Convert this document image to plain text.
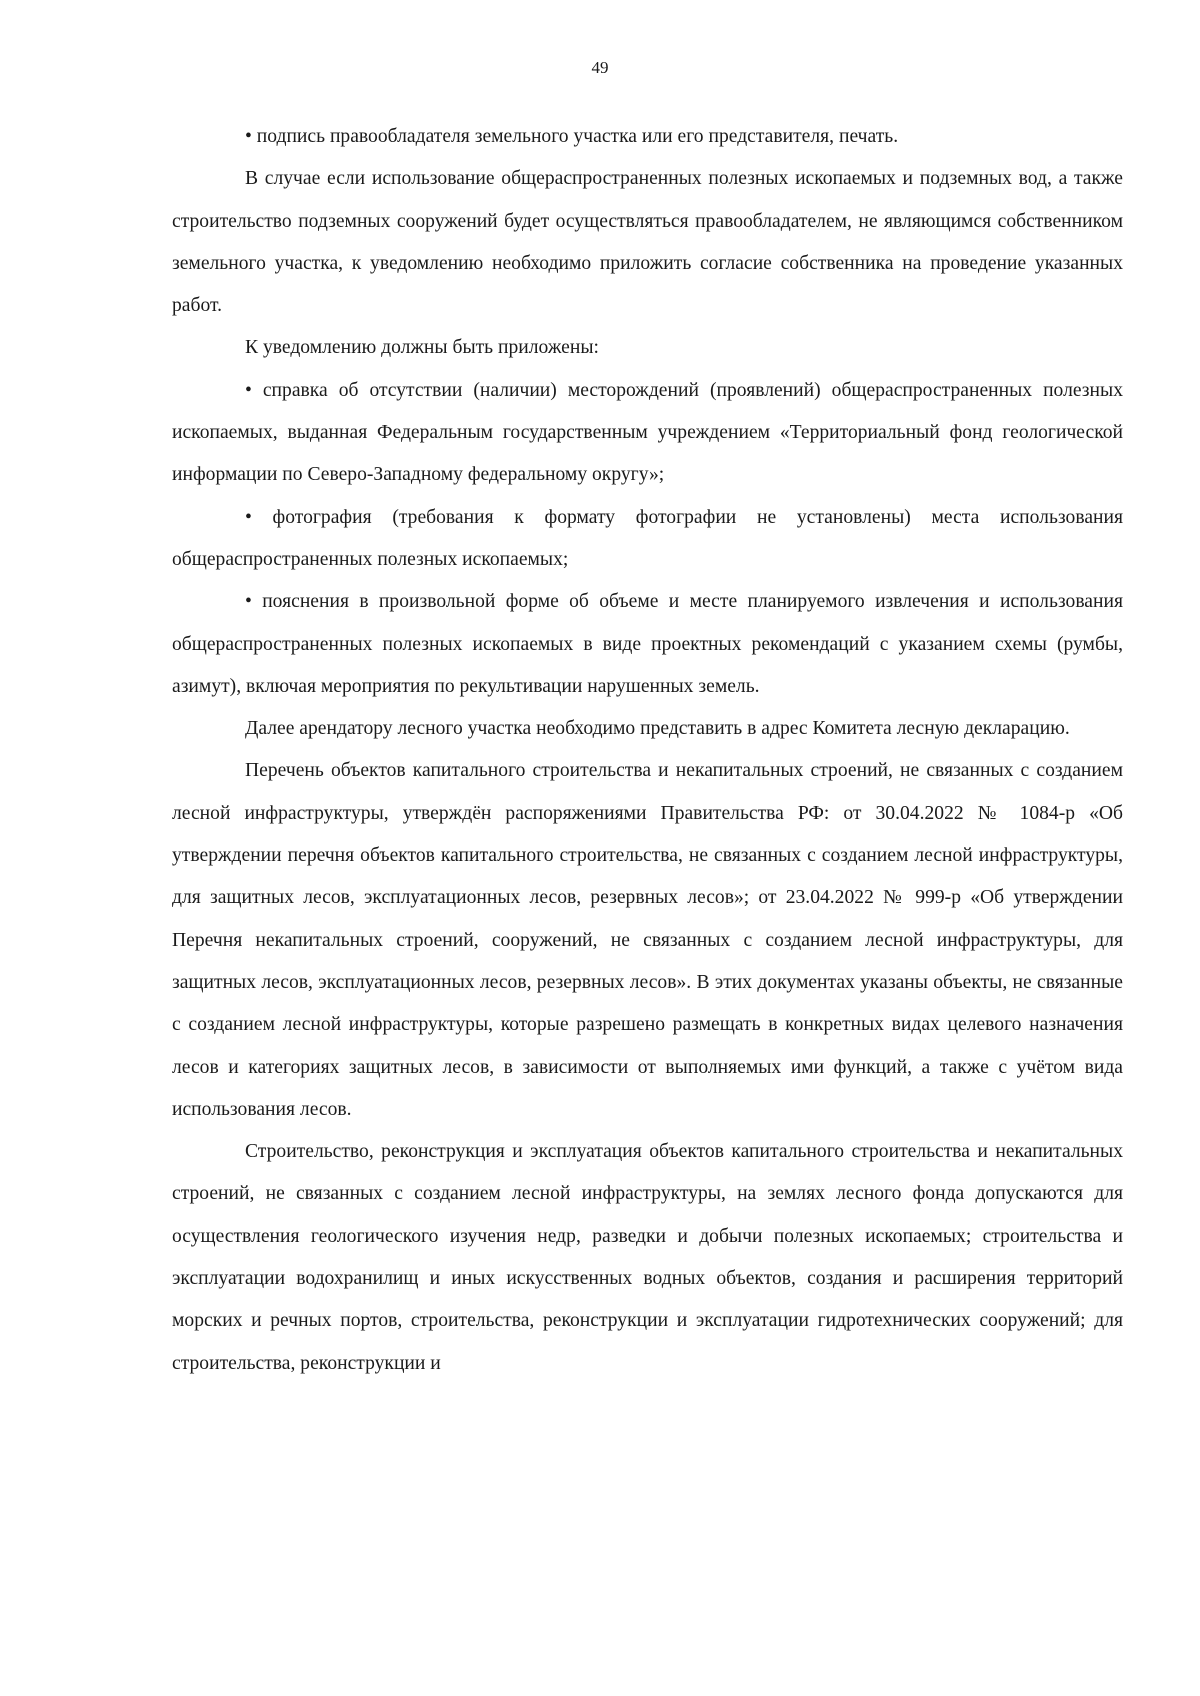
49

• подпись правообладателя земельного участка или его представителя, печать.

В случае если использование общераспространенных полезных ископаемых и подземных вод, а также строительство подземных сооружений будет осуществляться правообладателем, не являющимся собственником земельного участка, к уведомлению необходимо приложить согласие собственника на проведение указанных работ.

К уведомлению должны быть приложены:

• справка об отсутствии (наличии) месторождений (проявлений) общераспространенных полезных ископаемых, выданная Федеральным государственным учреждением «Территориальный фонд геологической информации по Северо-Западному федеральному округу»;

• фотография (требования к формату фотографии не установлены) места использования общераспространенных полезных ископаемых;

• пояснения в произвольной форме об объеме и месте планируемого извлечения и использования общераспространенных полезных ископаемых в виде проектных рекомендаций с указанием схемы (румбы, азимут), включая мероприятия по рекультивации нарушенных земель.

Далее арендатору лесного участка необходимо представить в адрес Комитета лесную декларацию.

Перечень объектов капитального строительства и некапитальных строений, не связанных с созданием лесной инфраструктуры, утверждён распоряжениями Правительства РФ: от 30.04.2022 № 1084-р «Об утверждении перечня объектов капитального строительства, не связанных с созданием лесной инфраструктуры, для защитных лесов, эксплуатационных лесов, резервных лесов»; от 23.04.2022 № 999-р «Об утверждении Перечня некапитальных строений, сооружений, не связанных с созданием лесной инфраструктуры, для защитных лесов, эксплуатационных лесов, резервных лесов». В этих документах указаны объекты, не связанные с созданием лесной инфраструктуры, которые разрешено размещать в конкретных видах целевого назначения лесов и категориях защитных лесов, в зависимости от выполняемых ими функций, а также с учётом вида использования лесов.

Строительство, реконструкция и эксплуатация объектов капитального строительства и некапитальных строений, не связанных с созданием лесной инфраструктуры, на землях лесного фонда допускаются для осуществления геологического изучения недр, разведки и добычи полезных ископаемых; строительства и эксплуатации водохранилищ и иных искусственных водных объектов, создания и расширения территорий морских и речных портов, строительства, реконструкции и эксплуатации гидротехнических сооружений; для строительства, реконструкции и
